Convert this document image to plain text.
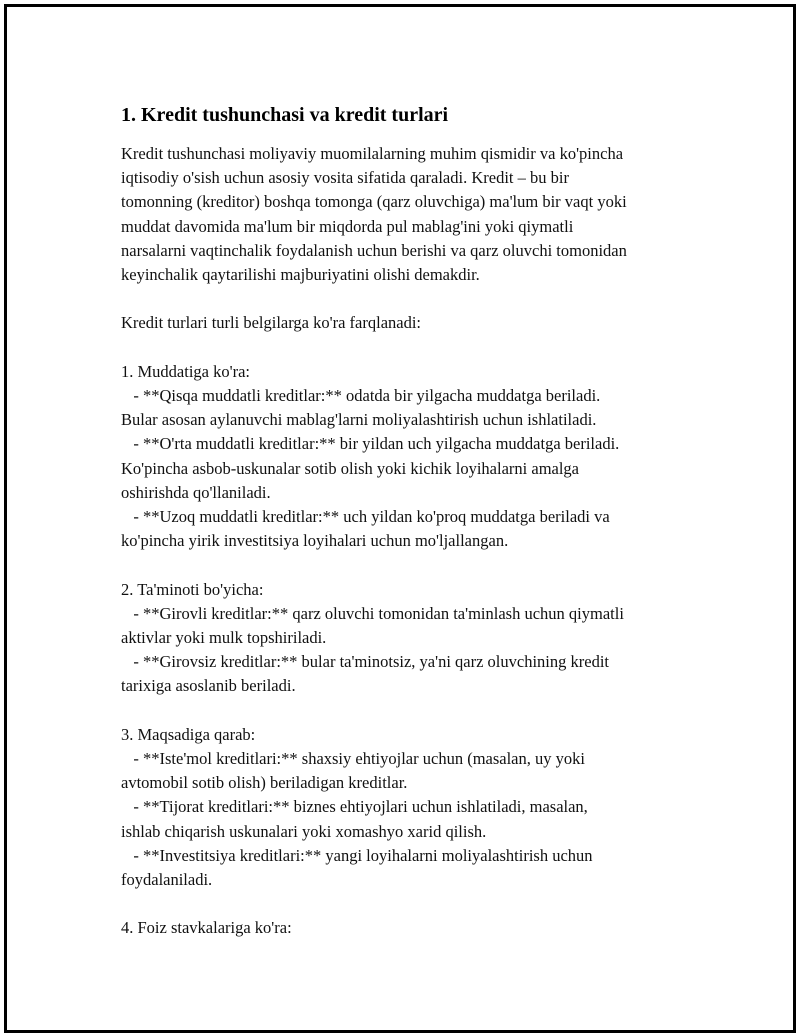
1. Kredit tushunchasi va kredit turlari

Kredit tushunchasi moliyaviy muomilalarning muhim qismidir va ko'pincha
iqtisodiy o'sish uchun asosiy vosita sifatida qaraladi. Kredit – bu bir
tomonning (kreditor) boshqa tomonga (qarz oluvchiga) ma'lum bir vaqt yoki
muddat davomida ma'lum bir miqdorda pul mablag'ini yoki qiymatli
narsalarni vaqtinchalik foydalanish uchun berishi va qarz oluvchi tomonidan
keyinchalik qaytarilishi majburiyatini olishi demakdir.

Kredit turlari turli belgilarga ko'ra farqlanadi:

1. Muddatiga ko'ra:
- **Qisqa muddatli kreditlar:** odatda bir yilgacha muddatga beriladi.
Bular asosan aylanuvchi mablag'larni moliyalashtirish uchun ishlatiladi.
- **O'rta muddatli kreditlar:** bir yildan uch yilgacha muddatga beriladi.
Ko'pincha asbob-uskunalar sotib olish yoki kichik loyihalarni amalga
oshirishda qo'llaniladi.
- **Uzoq muddatli kreditlar:** uch yildan ko'proq muddatga beriladi va
ko'pincha yirik investitsiya loyihalari uchun mo'ljallangan.

2. Ta'minoti bo'yicha:
- **Girovli kreditlar:** qarz oluvchi tomonidan ta'minlash uchun qiymatli
aktivlar yoki mulk topshiriladi.
- **Girovsiz kreditlar:** bular ta'minotsiz, ya'ni qarz oluvchining kredit
tarixiga asoslanib beriladi.

3. Maqsadiga qarab:
- **Iste'mol kreditlari:** shaxsiy ehtiyojlar uchun (masalan, uy yoki
avtomobil sotib olish) beriladigan kreditlar.
- **Tijorat kreditlari:** biznes ehtiyojlari uchun ishlatiladi, masalan,
ishlab chiqarish uskunalari yoki xomashyo xarid qilish.
- **Investitsiya kreditlari:** yangi loyihalarni moliyalashtirish uchun
foydalaniladi.

4. Foiz stavkalariga ko'ra:
